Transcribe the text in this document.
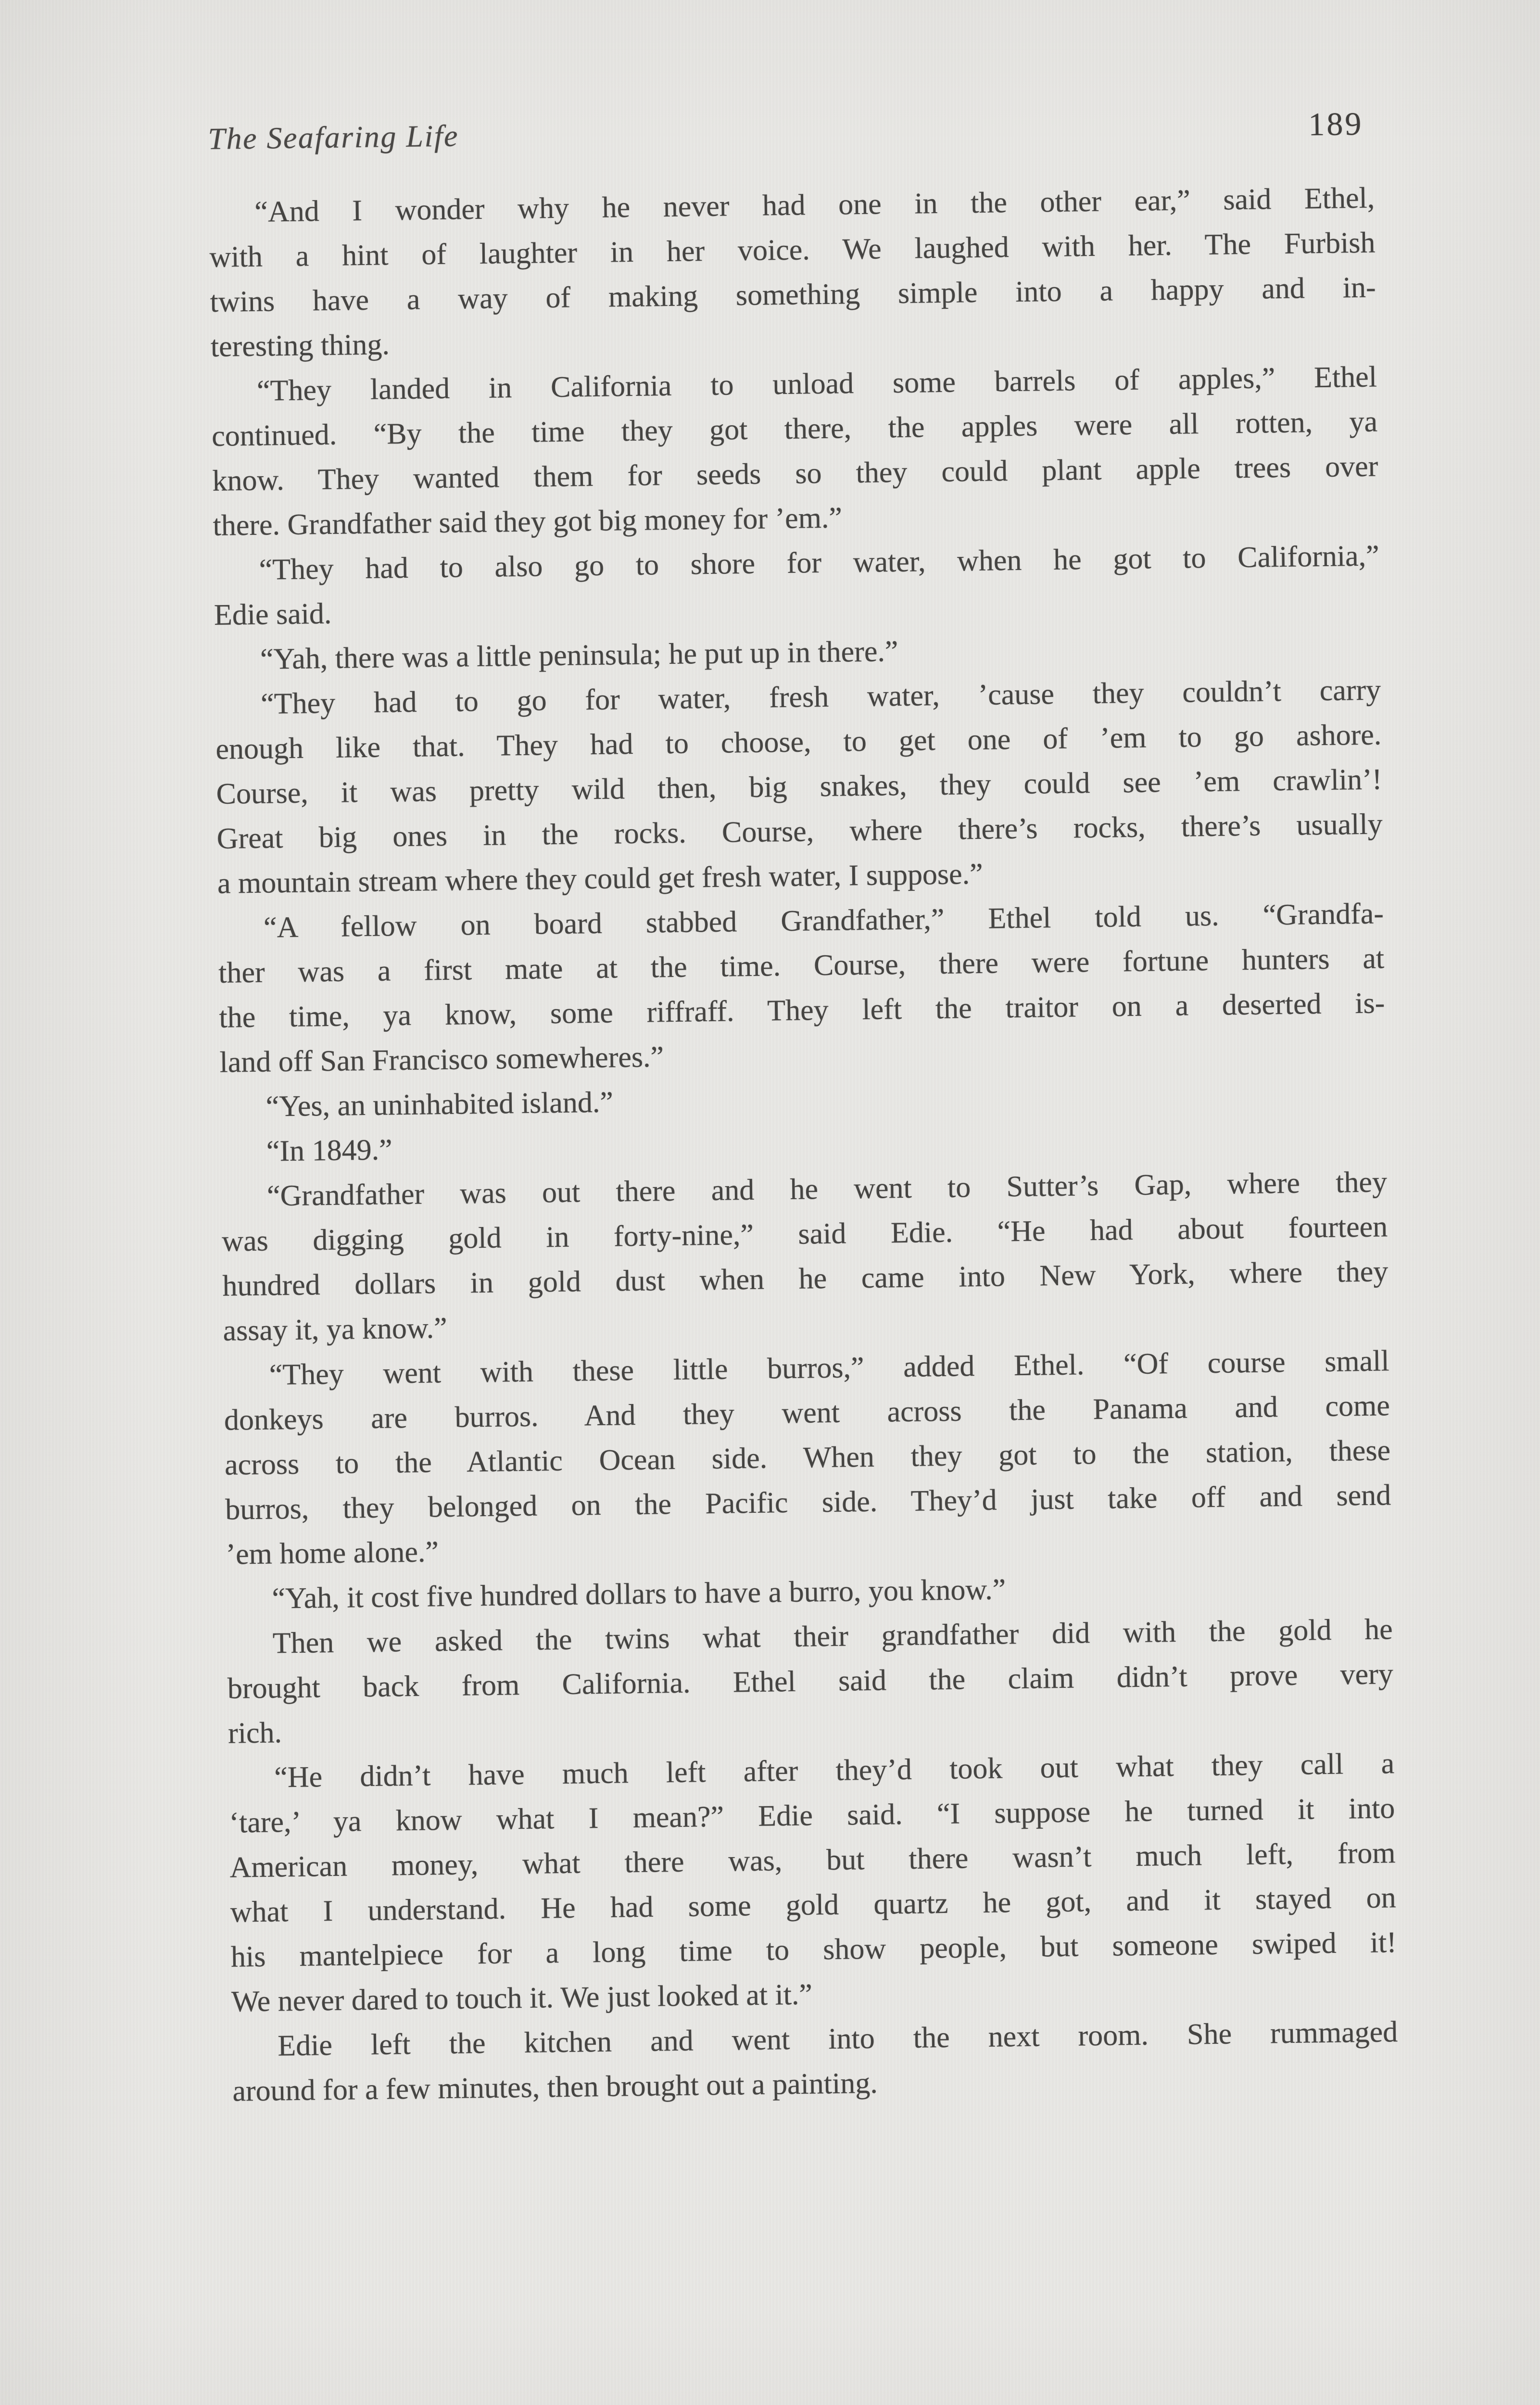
The Seafaring Life	189
“And I wonder why he never had one in the other ear,” said Ethel,
with a hint of laughter in her voice. We laughed with her. The Furbish
twins have a way of making something simple into a happy and in-
teresting thing.
“They landed in California to unload some barrels of apples,” Ethel
continued. “By the time they got there, the apples were all rotten, ya
know. They wanted them for seeds so they could plant apple trees over
there. Grandfather said they got big money for ’em.”
“They had to also go to shore for water, when he got to California,”
Edie said.
“Yah, there was a little peninsula; he put up in there.”
“They had to go for water, fresh water, ’cause they couldn’t carry
enough like that. They had to choose, to get one of ’em to go ashore.
Course, it was pretty wild then, big snakes, they could see ’em crawlin’!
Great big ones in the rocks. Course, where there’s rocks, there’s usually
a mountain stream where they could get fresh water, I suppose.”
“A fellow on board stabbed Grandfather,” Ethel told us. “Grandfa-
ther was a first mate at the time. Course, there were fortune hunters at
the time, ya know, some riffraff. They left the traitor on a deserted is-
land off San Francisco somewheres.”
“Yes, an uninhabited island.”
“In 1849.”
“Grandfather was out there and he went to Sutter’s Gap, where they
was digging gold in forty-nine,” said Edie. “He had about fourteen
hundred dollars in gold dust when he came into New York, where they
assay it, ya know.”
“They went with these little burros,” added Ethel. “Of course small
donkeys are burros. And they went across the Panama and come
across to the Atlantic Ocean side. When they got to the station, these
burros, they belonged on the Pacific side. They’d just take off and send
’em home alone.”
“Yah, it cost five hundred dollars to have a burro, you know.”
Then we asked the twins what their grandfather did with the gold he
brought back from California. Ethel said the claim didn’t prove very
rich.
“He didn’t have much left after they’d took out what they call a
‘tare,’ ya know what I mean?” Edie said. “I suppose he turned it into
American money, what there was, but there wasn’t much left, from
what I understand. He had some gold quartz he got, and it stayed on
his mantelpiece for a long time to show people, but someone swiped it!
We never dared to touch it. We just looked at it.”
Edie left the kitchen and went into the next room. She rummaged
around for a few minutes, then brought out a painting.
